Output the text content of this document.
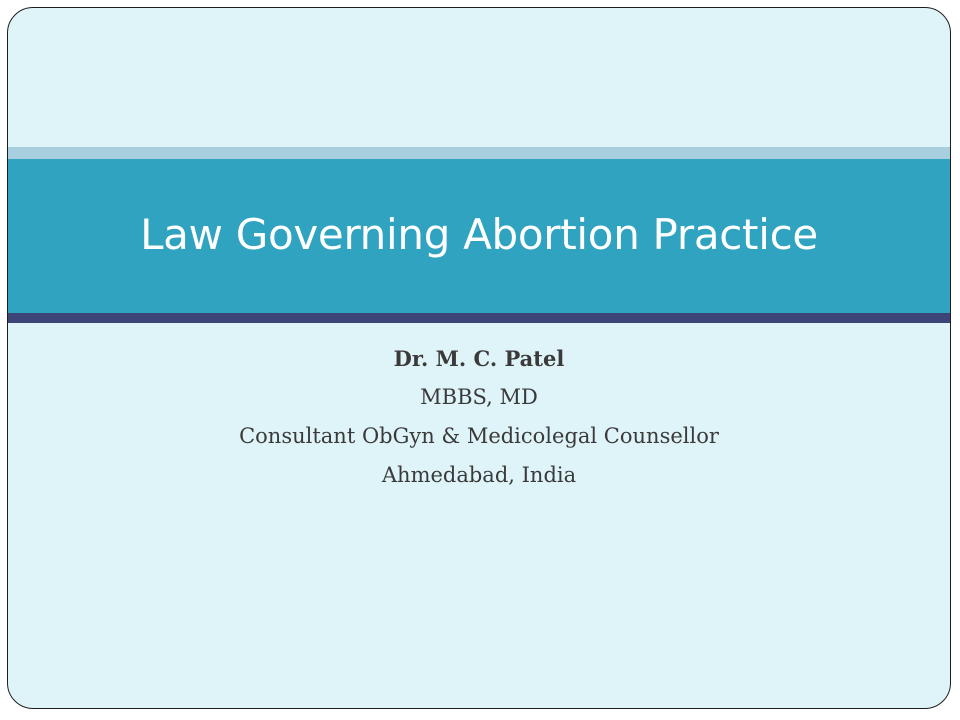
Law Governing Abortion Practice
Dr. M. C. Patel
MBBS, MD
Consultant ObGyn & Medicolegal Counsellor
Ahmedabad, India
